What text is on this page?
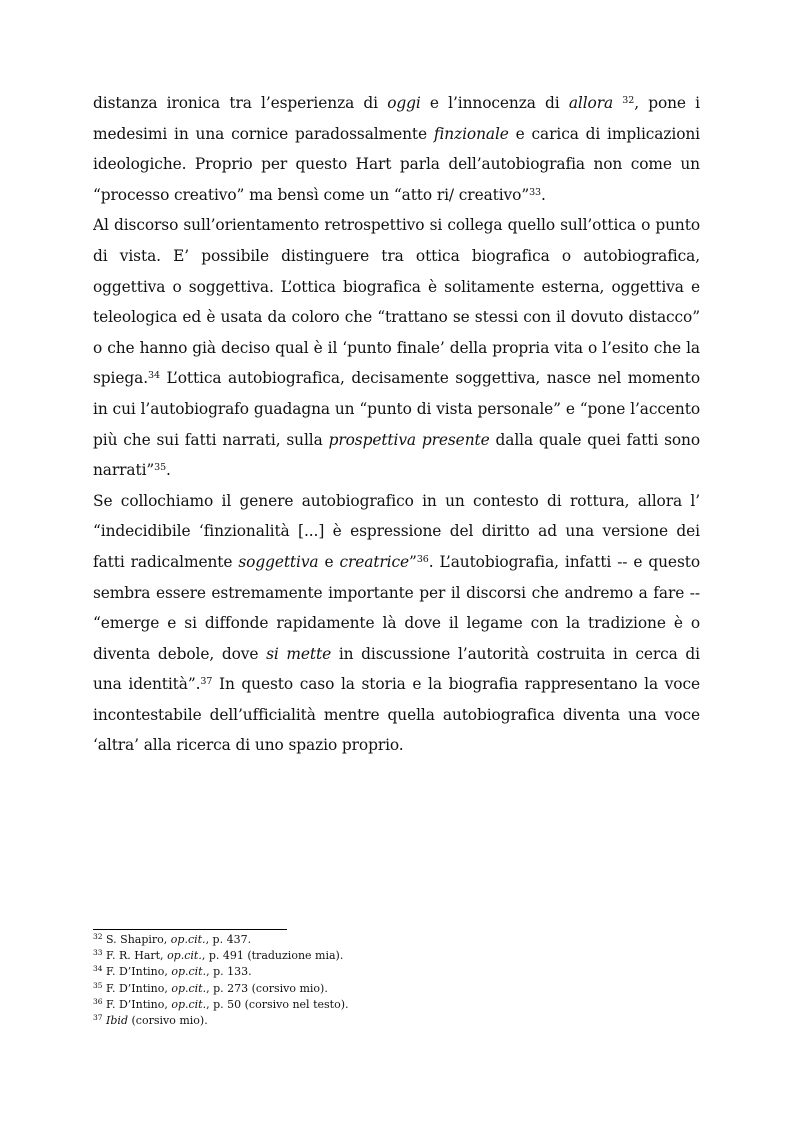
distanza ironica tra l’esperienza di oggi e l’innocenza di allora $^{32}$, pone i medesimi in una cornice paradossalmente finzionale e carica di implicazioni ideologiche. Proprio per questo Hart parla dell’autobiografia non come un “processo creativo” ma bensì come un “atto ri/ creativo”$^{33}$.

Al discorso sull’orientamento retrospettivo si collega quello sull’ottica o punto di vista. E’ possibile distinguere tra ottica biografica o autobiografica, oggettiva o soggettiva. L’ottica biografica è solitamente esterna, oggettiva e teleologica ed è usata da coloro che “trattano se stessi con il dovuto distacco” o che hanno già deciso qual è il ‘punto finale’ della propria vita o l’esito che la spiega.$^{34}$ L’ottica autobiografica, decisamente soggettiva, nasce nel momento in cui l’autobiografo guadagna un “punto di vista personale” e “pone l’accento più che sui fatti narrati, sulla prospettiva presente dalla quale quei fatti sono narrati”$^{35}$.

Se collochiamo il genere autobiografico in un contesto di rottura, allora l’ “indecidibile ‘finzionalità [...] è espressione del diritto ad una versione dei fatti radicalmente soggettiva e creatrice”$^{36}$. L’autobiografia, infatti -- e questo sembra essere estremamente importante per il discorsi che andremo a fare -- “emerge e si diffonde rapidamente là dove il legame con la tradizione è o diventa debole, dove si mette in discussione l’autorità costruita in cerca di una identità”.$^{37}$ In questo caso la storia e la biografia rappresentano la voce incontestabile dell’ufficialità mentre quella autobiografica diventa una voce ‘altra’ alla ricerca di uno spazio proprio.

$^{32}$ S. Shapiro, op.cit., p. 437.
$^{33}$ F. R. Hart, op.cit., p. 491 (traduzione mia).
$^{34}$ F. D’Intino, op.cit., p. 133.
$^{35}$ F. D’Intino, op.cit., p. 273 (corsivo mio).
$^{36}$ F. D’Intino, op.cit., p. 50 (corsivo nel testo).
$^{37}$ Ibid (corsivo mio).
